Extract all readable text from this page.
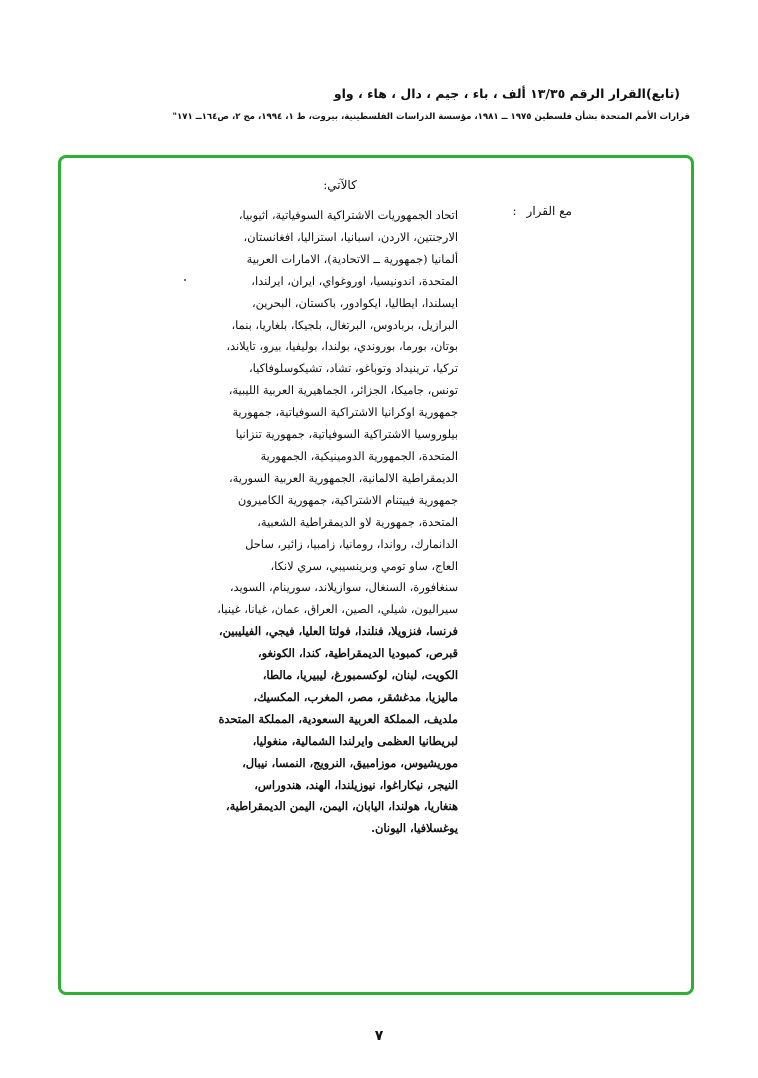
(تابع)القرار الرقم ١٣/٣٥ ألف ، باء ، جيم ، دال ، هاء ، واو
قرارات الأمم المتحدة بشأن فلسطين ١٩٧٥ ــ ١٩٨١، مؤسسة الدراسات الفلسطينية، بيروت، ط ١، ١٩٩٤، مج ٢، ص١٦٤ــ ١٧١"
كالآتي:
مع القرار:
اتحاد الجمهوريات الاشتراكية السوفياتية، اثيوبيا،
الارجنتين، الاردن، اسبانيا، استراليا، افغانستان،
ألمانيا (جمهورية ــ الاتحادية)، الامارات العربية
المتحدة، اندونيسيا، اوروغواي، ايران، ايرلندا،
ايسلندا، ايطاليا، ايكوادور، باكستان، البحرين،
البرازيل، بربادوس، البرتغال، بلجيكا، بلغاريا، بنما،
بوتان، بورما، بوروندي، بولندا، بوليفيا، بيرو، تايلاند،
تركيا، ترينيداد وتوباغو، تشاد، تشيكوسلوفاكيا،
تونس، جاميكا، الجزائر، الجماهيرية العربية الليبية،
جمهورية اوكرانيا الاشتراكية السوفياتية، جمهورية
بيلوروسيا الاشتراكية السوفياتية، جمهورية تنزانيا
المتحدة، الجمهورية الدومينيكية، الجمهورية
الديمقراطية الالمانية، الجمهورية العربية السورية،
جمهورية فييتنام الاشتراكية، جمهورية الكاميرون
المتحدة، جمهورية لاو الديمقراطية الشعبية،
الدانمارك، رواندا، رومانيا، زامبيا، زائير، ساحل
العاج، ساو تومي وبرينسيبي، سري لانكا،
سنغافورة، السنغال، سوازيلاند، سورينام، السويد،
سيراليون، شيلي، الصين، العراق، عمان، غيانا، غينيا،
فرنسا، فنزويلا، فنلندا، فولتا العليا، فيجي، الفيليبين،
قبرص، كمبوديا الديمقراطية، كندا، الكونغو،
الكويت، لبنان، لوكسمبورغ، ليبيريا، مالطا،
ماليزيا، مدغشقر، مصر، المغرب، المكسيك،
ملديف، المملكة العربية السعودية، المملكة المتحدة
لبريطانيا العظمى وايرلندا الشمالية، منغوليا،
موريشيوس، موزامبيق، النرويج، النمسا، نيبال،
النيجر، نيكاراغوا، نيوزيلندا، الهند، هندوراس،
هنغاريا، هولندا، اليابان، اليمن، اليمن الديمقراطية،
يوغسلافيا، اليونان.
٧
